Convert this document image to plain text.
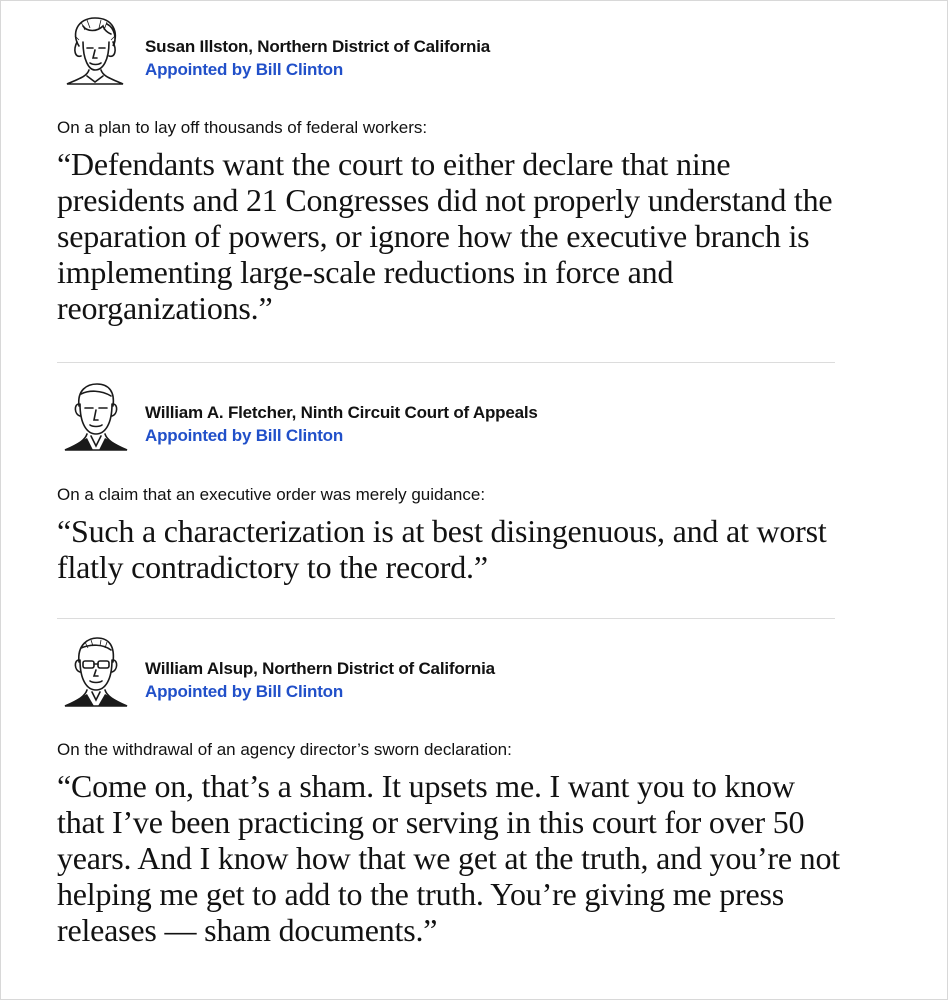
Susan Illston, Northern District of California
Appointed by Bill Clinton
On a plan to lay off thousands of federal workers:
“Defendants want the court to either declare that nine presidents and 21 Congresses did not properly understand the separation of powers, or ignore how the executive branch is implementing large-scale reductions in force and reorganizations.”
William A. Fletcher, Ninth Circuit Court of Appeals
Appointed by Bill Clinton
On a claim that an executive order was merely guidance:
“Such a characterization is at best disingenuous, and at worst flatly contradictory to the record.”
William Alsup, Northern District of California
Appointed by Bill Clinton
On the withdrawal of an agency director’s sworn declaration:
“Come on, that’s a sham. It upsets me. I want you to know that I’ve been practicing or serving in this court for over 50 years. And I know how that we get at the truth, and you’re not helping me get to add to the truth. You’re giving me press releases — sham documents.”
